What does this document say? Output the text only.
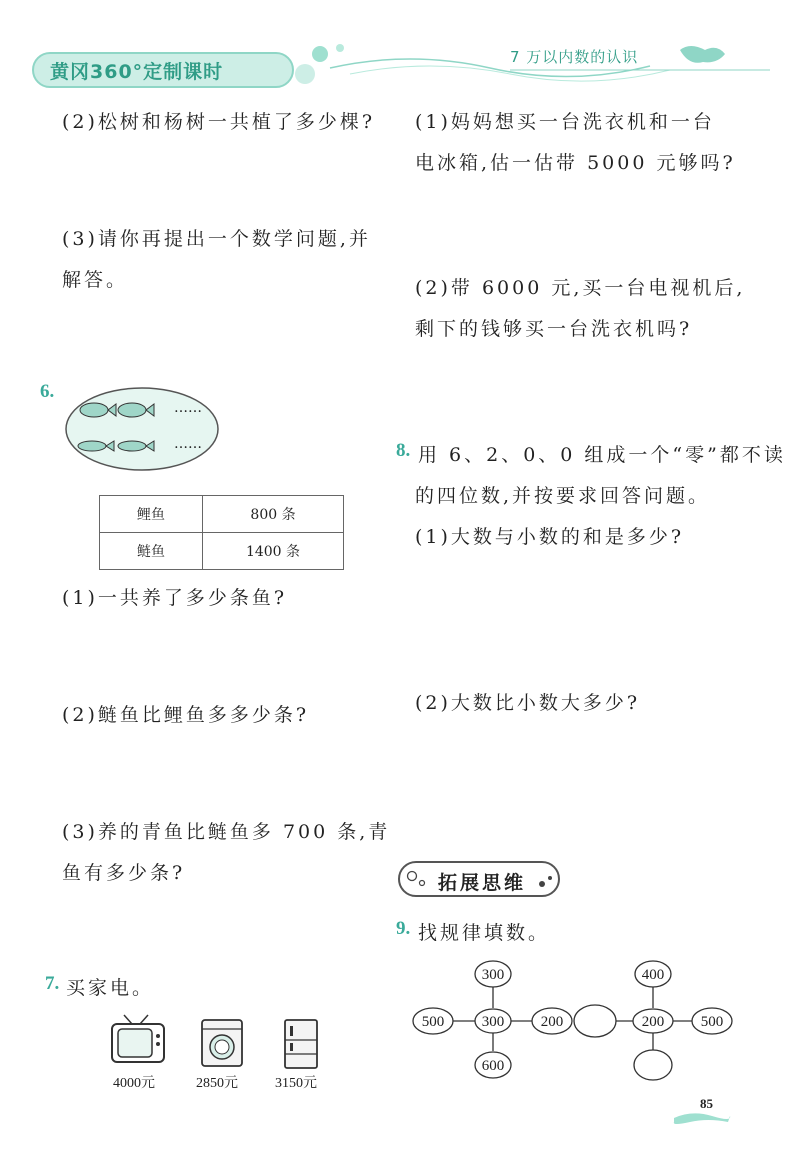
黄冈360°定制课时
7 万以内数的认识
(2)松树和杨树一共植了多少棵?
(3)请你再提出一个数学问题,并
解答。
6.
……
……
鲤鱼	800 条
鲢鱼	1400 条
(1)一共养了多少条鱼?
(2)鲢鱼比鲤鱼多多少条?
(3)养的青鱼比鲢鱼多 700 条,青
鱼有多少条?
7. 买家电。
4000元	2850元	3150元
(1)妈妈想买一台洗衣机和一台
电冰箱,估一估带 5000 元够吗?
(2)带 6000 元,买一台电视机后,
剩下的钱够买一台洗衣机吗?
8. 用 6、2、0、0 组成一个“零”都不读
的四位数,并按要求回答问题。
(1)大数与小数的和是多少?
(2)大数比小数大多少?
拓展思维
9. 找规律填数。
300
500	300 200
600
400
200 500
85
